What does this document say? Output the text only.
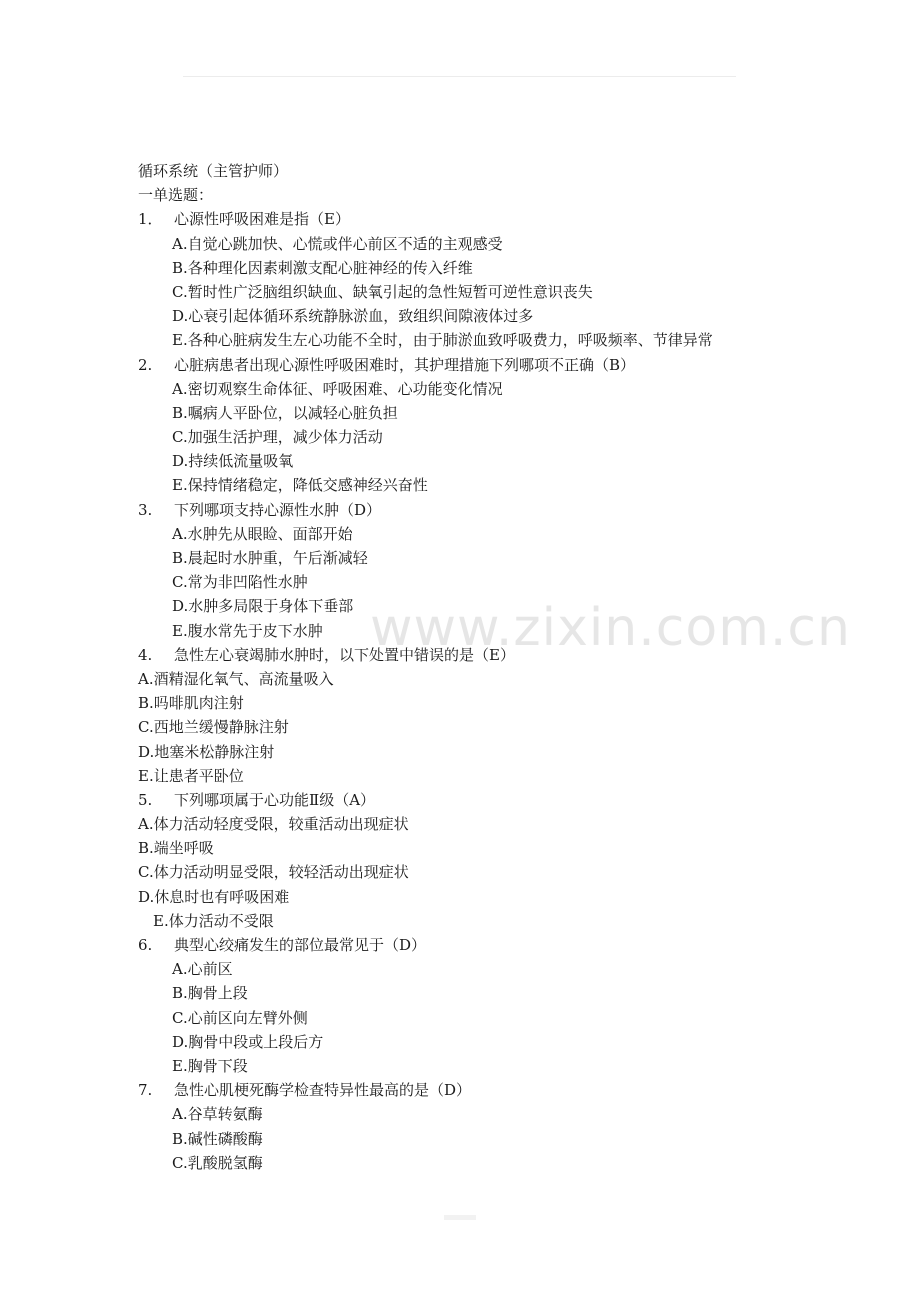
www.zixin.com.cn
循环系统（主管护师）
一单选题：
1． 心源性呼吸困难是指（E）
A.自觉心跳加快、心慌或伴心前区不适的主观感受
B.各种理化因素刺激支配心脏神经的传入纤维
C.暂时性广泛脑组织缺血、缺氧引起的急性短暂可逆性意识丧失
D.心衰引起体循环系统静脉淤血，致组织间隙液体过多
E.各种心脏病发生左心功能不全时，由于肺淤血致呼吸费力，呼吸频率、节律异常
2. 心脏病患者出现心源性呼吸困难时，其护理措施下列哪项不正确（B）
A.密切观察生命体征、呼吸困难、心功能变化情况
B.嘱病人平卧位，以减轻心脏负担
C.加强生活护理，减少体力活动
D.持续低流量吸氧
E.保持情绪稳定，降低交感神经兴奋性
3. 下列哪项支持心源性水肿（D）
A.水肿先从眼睑、面部开始
B.晨起时水肿重，午后渐减轻
C.常为非凹陷性水肿
D.水肿多局限于身体下垂部
E.腹水常先于皮下水肿
4. 急性左心衰竭肺水肿时，以下处置中错误的是（E）
A.酒精湿化氧气、高流量吸入
B.吗啡肌肉注射
C.西地兰缓慢静脉注射
D.地塞米松静脉注射
E.让患者平卧位
5. 下列哪项属于心功能Ⅱ级（A）
A.体力活动轻度受限，较重活动出现症状
B.端坐呼吸
C.体力活动明显受限，较轻活动出现症状
D.休息时也有呼吸困难
E.体力活动不受限
6. 典型心绞痛发生的部位最常见于（D）
A.心前区
B.胸骨上段
C.心前区向左臂外侧
D.胸骨中段或上段后方
E.胸骨下段
7. 急性心肌梗死酶学检查特异性最高的是（D）
A.谷草转氨酶
B.碱性磷酸酶
C.乳酸脱氢酶
